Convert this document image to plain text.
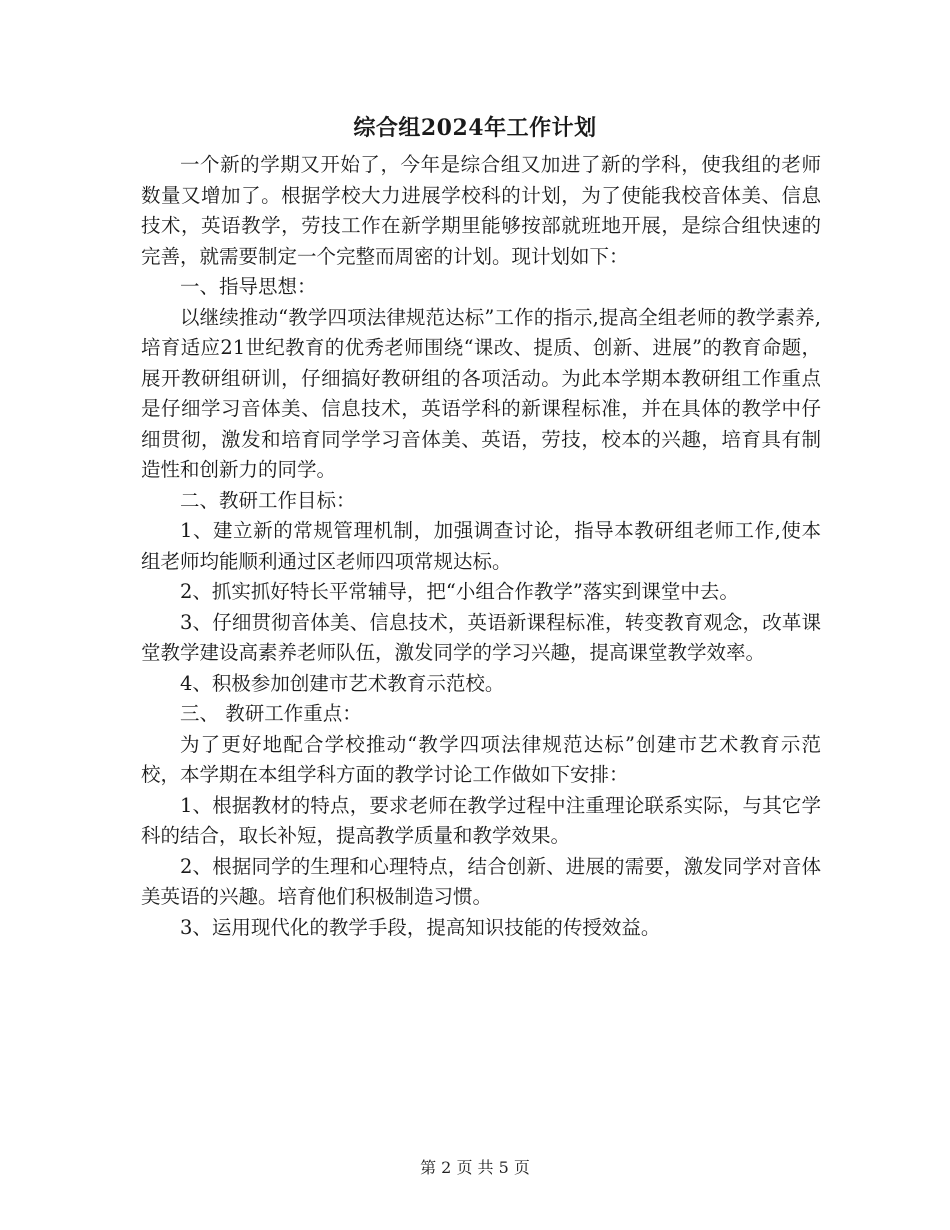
综合组2024年工作计划

一个新的学期又开始了，今年是综合组又加进了新的学科，使我组的老师数量又增加了。根据学校大力进展学校科的计划，为了使能我校音体美、信息技术，英语教学，劳技工作在新学期里能够按部就班地开展，是综合组快速的完善，就需要制定一个完整而周密的计划。现计划如下：

一、指导思想：

以继续推动“教学四项法律规范达标”工作的指示,提高全组老师的教学素养,培育适应21世纪教育的优秀老师围绕“课改、提质、创新、进展”的教育命题，展开教研组研训，仔细搞好教研组的各项活动。为此本学期本教研组工作重点是仔细学习音体美、信息技术，英语学科的新课程标准，并在具体的教学中仔细贯彻，激发和培育同学学习音体美、英语，劳技，校本的兴趣，培育具有制造性和创新力的同学。

二、教研工作目标：

1、建立新的常规管理机制，加强调查讨论，指导本教研组老师工作,使本组老师均能顺利通过区老师四项常规达标。

2、抓实抓好特长平常辅导，把“小组合作教学”落实到课堂中去。

3、仔细贯彻音体美、信息技术，英语新课程标准，转变教育观念，改革课堂教学建设高素养老师队伍，激发同学的学习兴趣，提高课堂教学效率。

4、积极参加创建市艺术教育示范校。

三、 教研工作重点：

为了更好地配合学校推动“教学四项法律规范达标”创建市艺术教育示范校，本学期在本组学科方面的教学讨论工作做如下安排：

1、根据教材的特点，要求老师在教学过程中注重理论联系实际，与其它学科的结合，取长补短，提高教学质量和教学效果。

2、根据同学的生理和心理特点，结合创新、进展的需要，激发同学对音体美英语的兴趣。培育他们积极制造习惯。

3、运用现代化的教学手段，提高知识技能的传授效益。

第 2 页 共 5 页
